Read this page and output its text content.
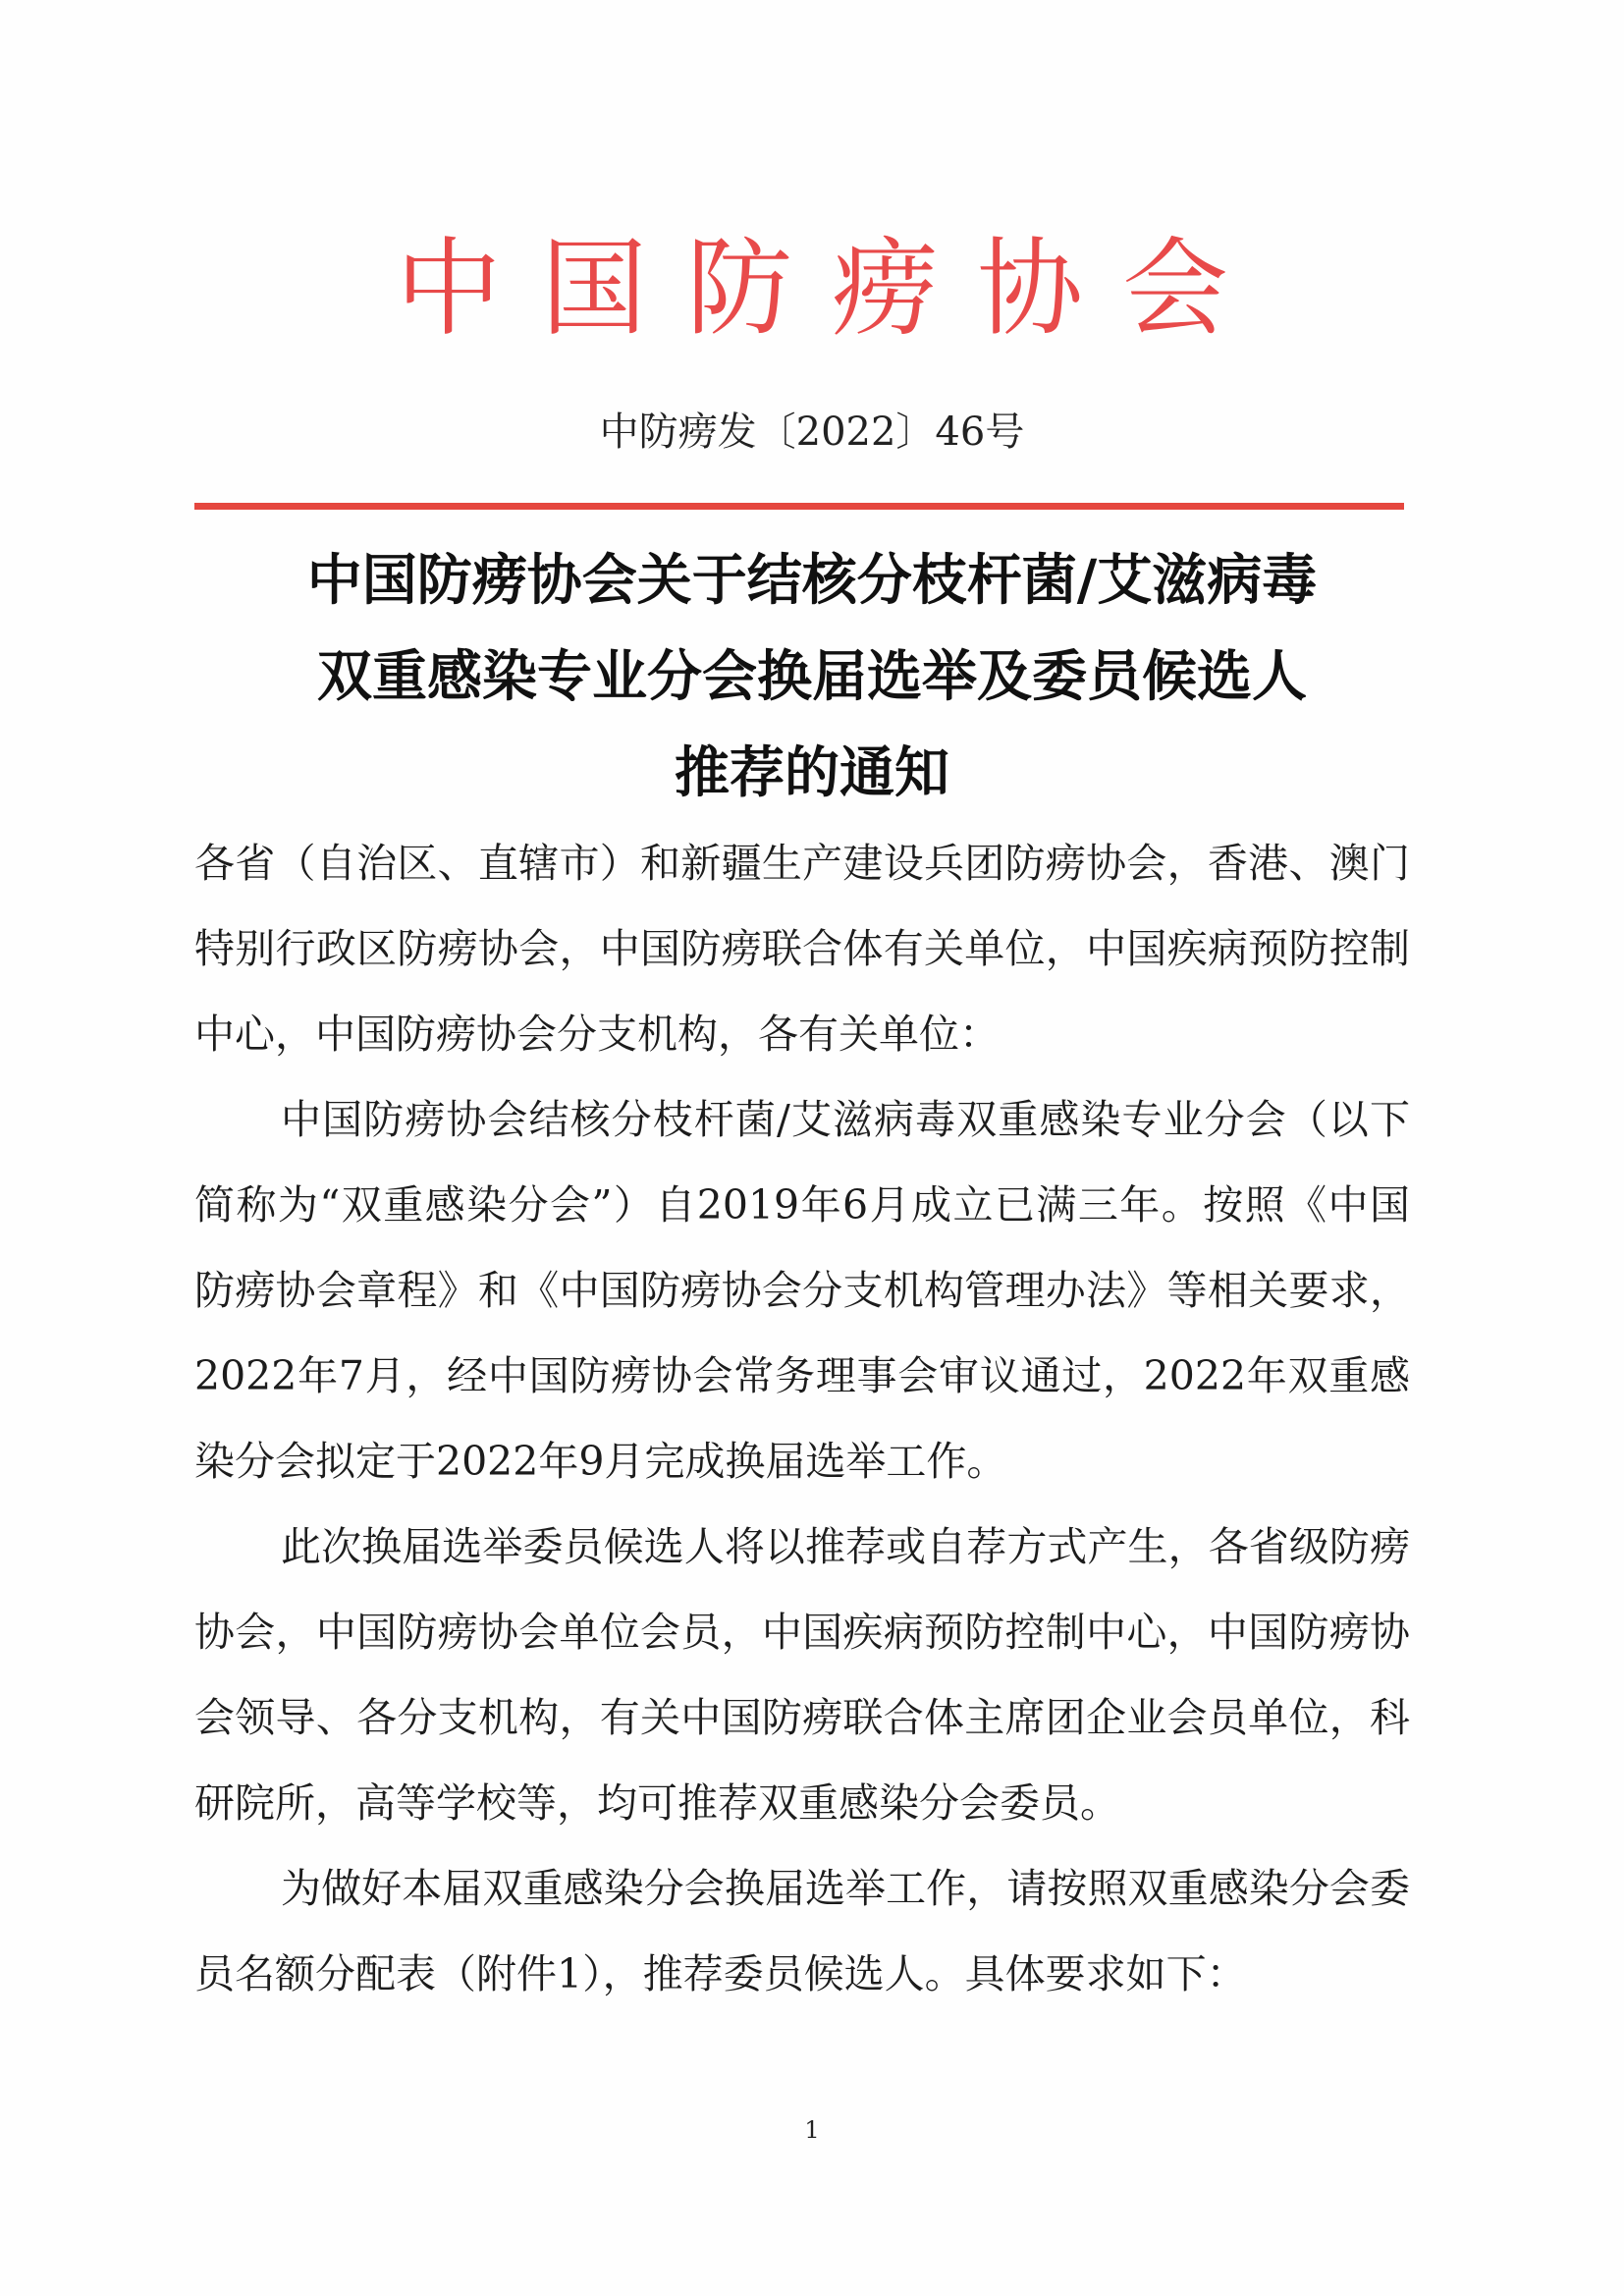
中国防痨协会
中防痨发〔2022〕46号
中国防痨协会关于结核分枝杆菌/艾滋病毒
双重感染专业分会换届选举及委员候选人
推荐的通知

各省（自治区、直辖市）和新疆生产建设兵团防痨协会，香港、澳门特别行政区防痨协会，中国防痨联合体有关单位，中国疾病预防控制中心，中国防痨协会分支机构，各有关单位：

中国防痨协会结核分枝杆菌/艾滋病毒双重感染专业分会（以下简称为“双重感染分会”）自2019年6月成立已满三年。按照《中国防痨协会章程》和《中国防痨协会分支机构管理办法》等相关要求，2022年7月，经中国防痨协会常务理事会审议通过，2022年双重感染分会拟定于2022年9月完成换届选举工作。

此次换届选举委员候选人将以推荐或自荐方式产生，各省级防痨协会，中国防痨协会单位会员，中国疾病预防控制中心，中国防痨协会领导、各分支机构，有关中国防痨联合体主席团企业会员单位，科研院所，高等学校等，均可推荐双重感染分会委员。

为做好本届双重感染分会换届选举工作，请按照双重感染分会委员名额分配表（附件1），推荐委员候选人。具体要求如下：

1
